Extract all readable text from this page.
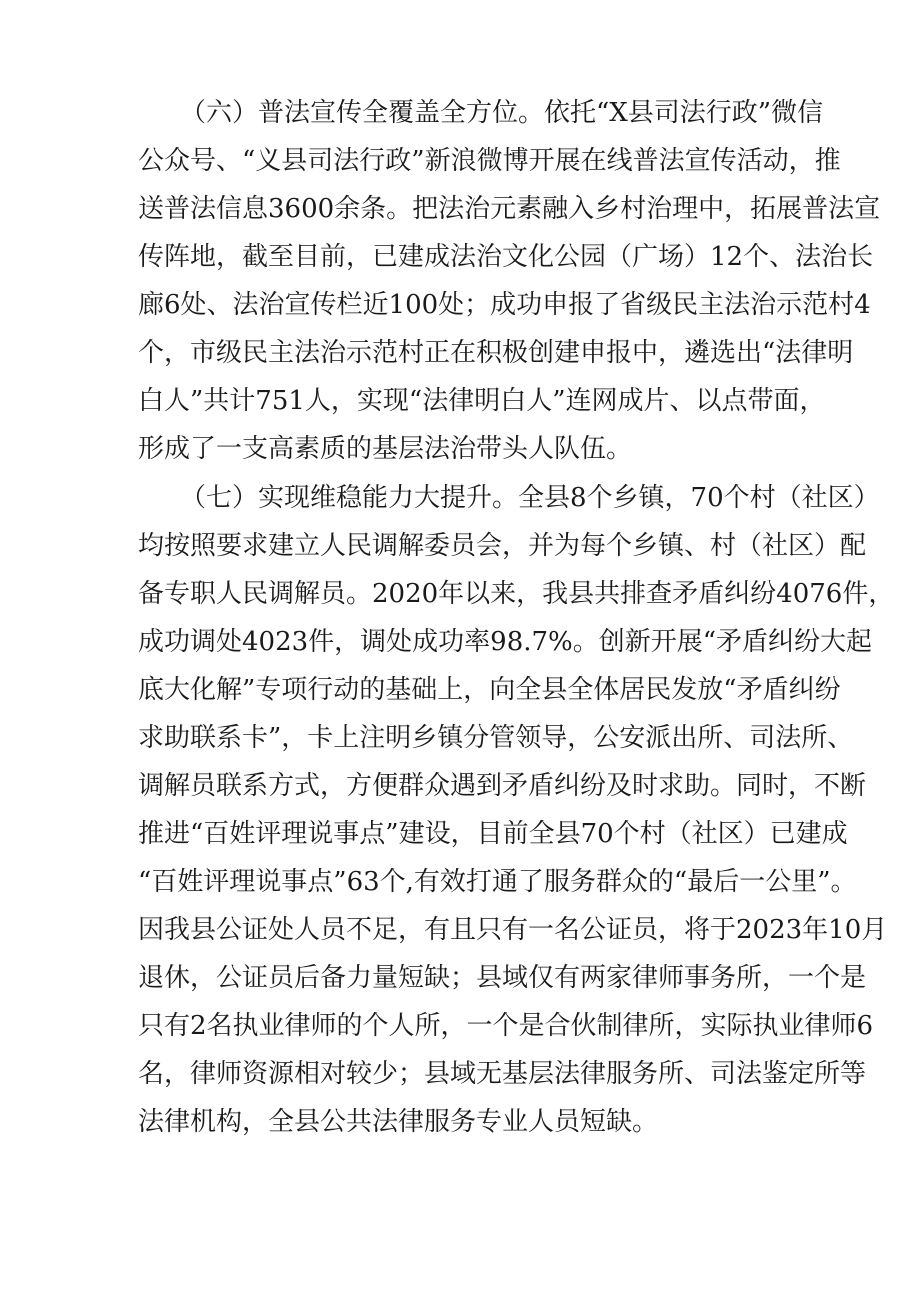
（六）普法宣传全覆盖全方位。依托“X县司法行政”微信

公众号、“义县司法行政”新浪微博开展在线普法宣传活动，推

送普法信息3600余条。把法治元素融入乡村治理中，拓展普法宣

传阵地，截至目前，已建成法治文化公园（广场）12个、法治长

廊6处、法治宣传栏近100处；成功申报了省级民主法治示范村4

个，市级民主法治示范村正在积极创建申报中，遴选出“法律明

白人”共计751人，实现“法律明白人”连网成片、以点带面，

形成了一支高素质的基层法治带头人队伍。

（七）实现维稳能力大提升。全县8个乡镇，70个村（社区）

均按照要求建立人民调解委员会，并为每个乡镇、村（社区）配

备专职人民调解员。2020年以来，我县共排查矛盾纠纷4076件，

成功调处4023件，调处成功率98.7%。创新开展“矛盾纠纷大起

底大化解”专项行动的基础上，向全县全体居民发放“矛盾纠纷

求助联系卡”，卡上注明乡镇分管领导，公安派出所、司法所、

调解员联系方式，方便群众遇到矛盾纠纷及时求助。同时，不断

推进“百姓评理说事点”建设，目前全县70个村（社区）已建成

“百姓评理说事点”63个,有效打通了服务群众的“最后一公里”。

因我县公证处人员不足，有且只有一名公证员，将于2023年10月

退休，公证员后备力量短缺；县域仅有两家律师事务所，一个是

只有2名执业律师的个人所，一个是合伙制律所，实际执业律师6

名，律师资源相对较少；县域无基层法律服务所、司法鉴定所等

法律机构，全县公共法律服务专业人员短缺。
